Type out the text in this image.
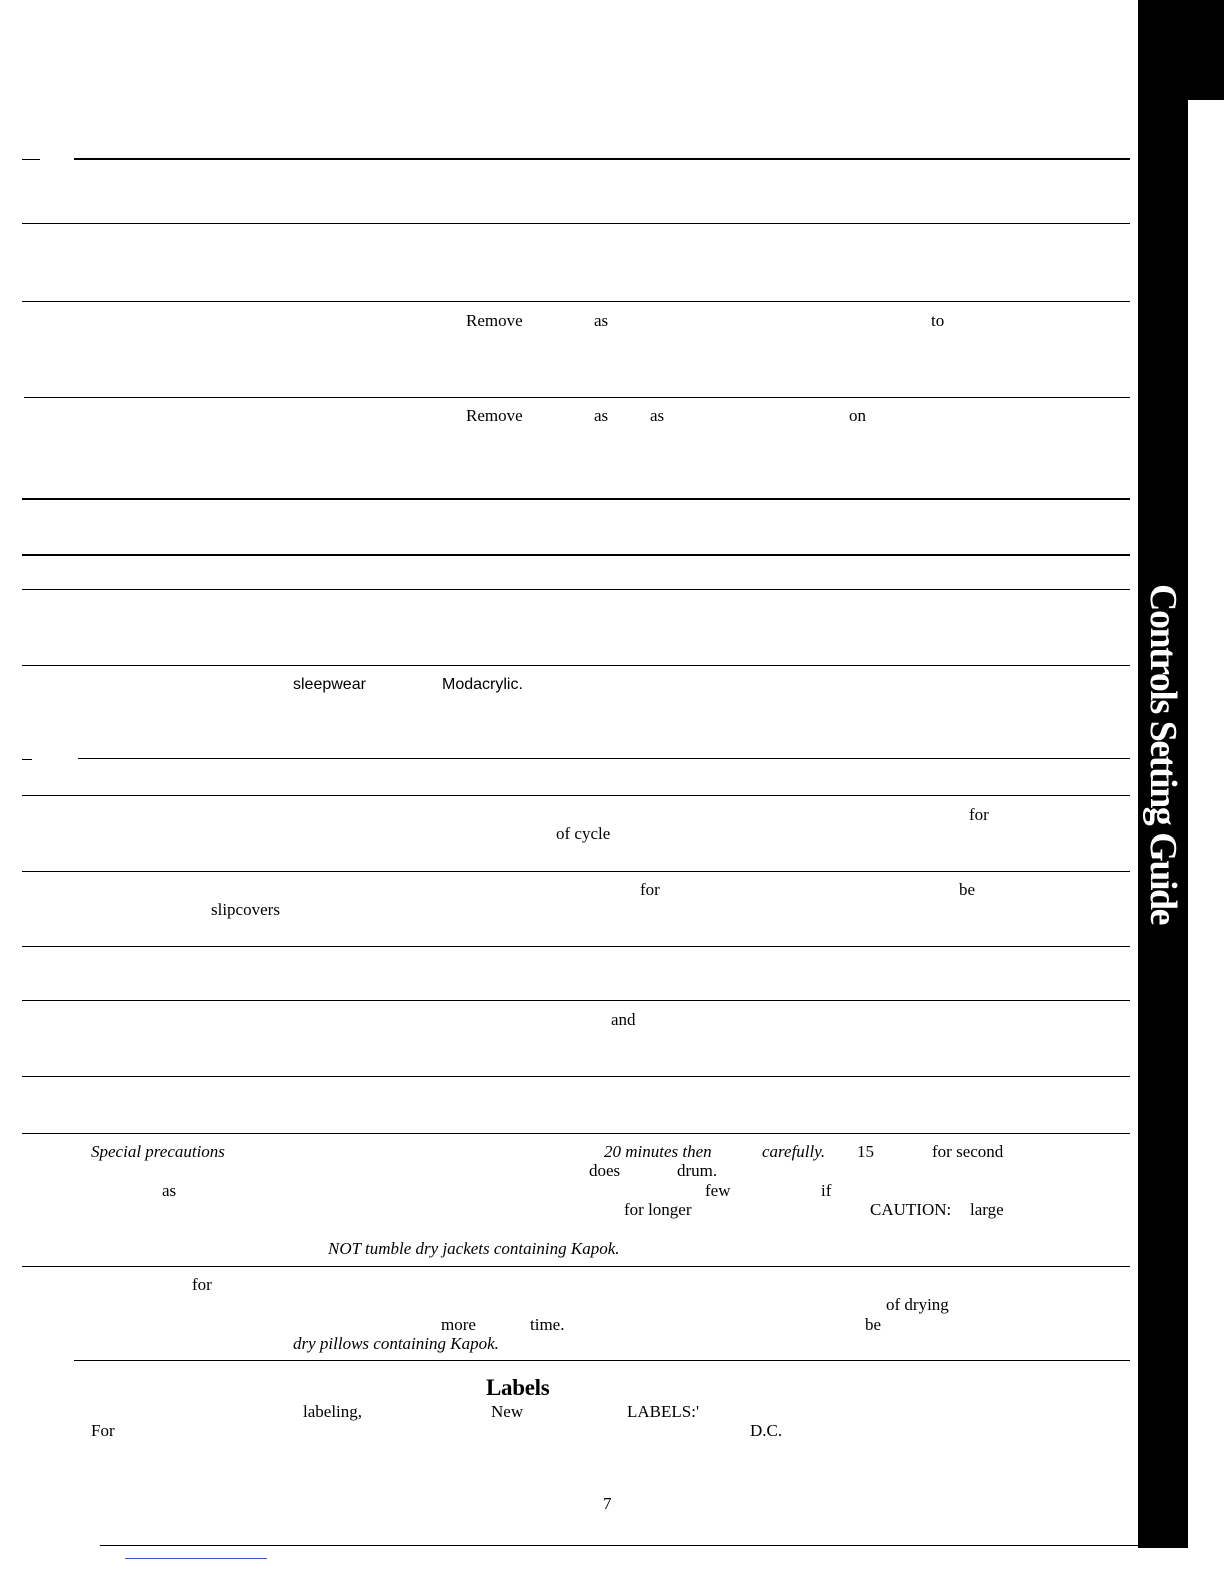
Remove	as	to
Remove	as as	on
sleepwear	Modacrylic.
for
of cycle
for	be
slipcovers
and
Special precautions	20 minutes then	carefully. 15	for second
does	drum.
as	few	if
for longer	CAUTION: large
NOT tumble dry jackets containing Kapok.
for
of drying
more	time.	be
dry pillows containing Kapok.
Labels
labeling,	New	LABELS:'
For	D.C.
7
Controls Setting Guide
